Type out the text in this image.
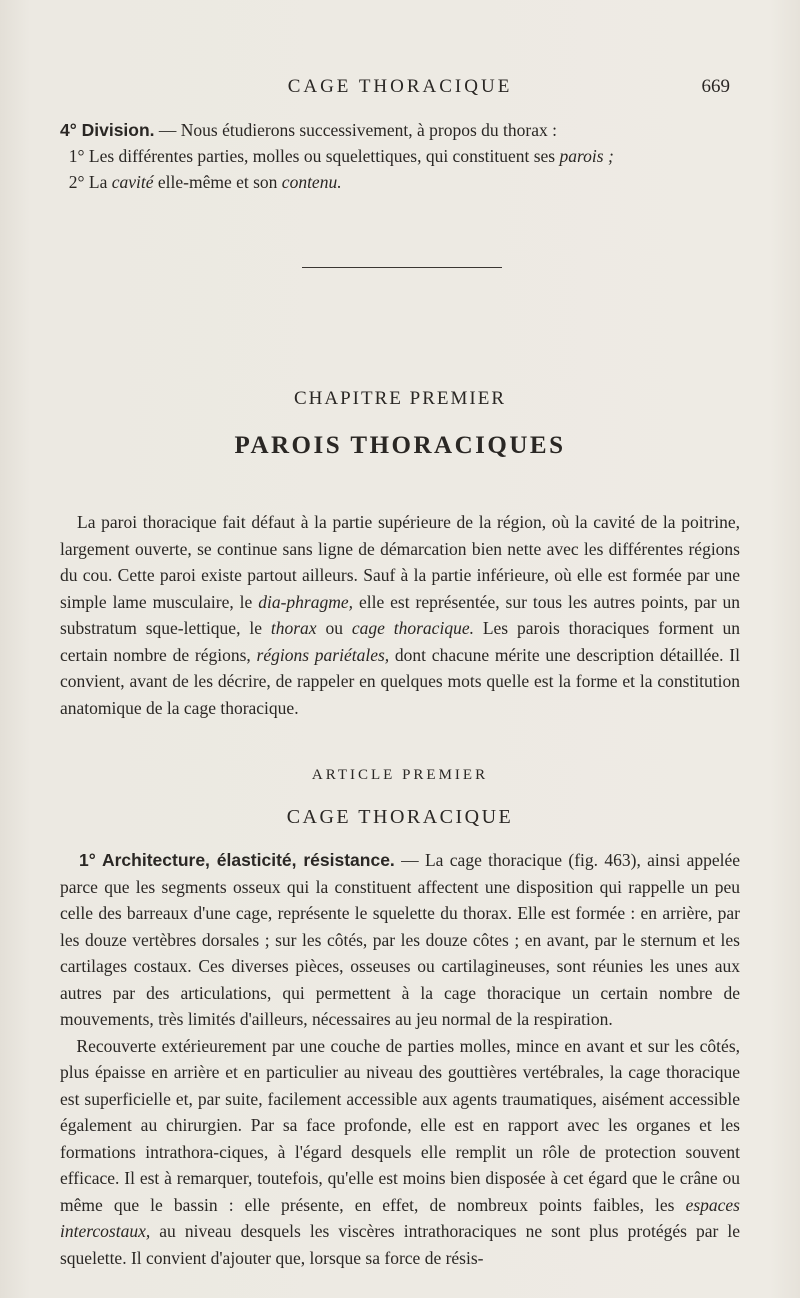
CAGE THORACIQUE	669

4° Division. — Nous étudierons successivement, à propos du thorax :

1° Les différentes parties, molles ou squelettiques, qui constituent ses parois ;

2° La cavité elle-même et son contenu.

CHAPITRE PREMIER
PAROIS THORACIQUES

La paroi thoracique fait défaut à la partie supérieure de la région, où la cavité de la poitrine, largement ouverte, se continue sans ligne de démarcation bien nette avec les différentes régions du cou. Cette paroi existe partout ailleurs. Sauf à la partie inférieure, où elle est formée par une simple lame musculaire, le dia-phragme, elle est représentée, sur tous les autres points, par un substratum sque-lettique, le thorax ou cage thoracique. Les parois thoraciques forment un certain nombre de régions, régions pariétales, dont chacune mérite une description détaillée. Il convient, avant de les décrire, de rappeler en quelques mots quelle est la forme et la constitution anatomique de la cage thoracique.

ARTICLE PREMIER
CAGE THORACIQUE

1° Architecture, élasticité, résistance. — La cage thoracique (fig. 463), ainsi appelée parce que les segments osseux qui la constituent affectent une disposition qui rappelle un peu celle des barreaux d'une cage, représente le squelette du thorax. Elle est formée : en arrière, par les douze vertèbres dorsales ; sur les côtés, par les douze côtes ; en avant, par le sternum et les cartilages costaux. Ces diverses pièces, osseuses ou cartilagineuses, sont réunies les unes aux autres par des articulations, qui permettent à la cage thoracique un certain nombre de mouvements, très limités d'ailleurs, nécessaires au jeu normal de la respiration.

Recouverte extérieurement par une couche de parties molles, mince en avant et sur les côtés, plus épaisse en arrière et en particulier au niveau des gouttières vertébrales, la cage thoracique est superficielle et, par suite, facilement accessible aux agents traumatiques, aisément accessible également au chirurgien. Par sa face profonde, elle est en rapport avec les organes et les formations intrathora-ciques, à l'égard desquels elle remplit un rôle de protection souvent efficace. Il est à remarquer, toutefois, qu'elle est moins bien disposée à cet égard que le crâne ou même que le bassin : elle présente, en effet, de nombreux points faibles, les espaces intercostaux, au niveau desquels les viscères intrathoraciques ne sont plus protégés par le squelette. Il convient d'ajouter que, lorsque sa force de résis-
